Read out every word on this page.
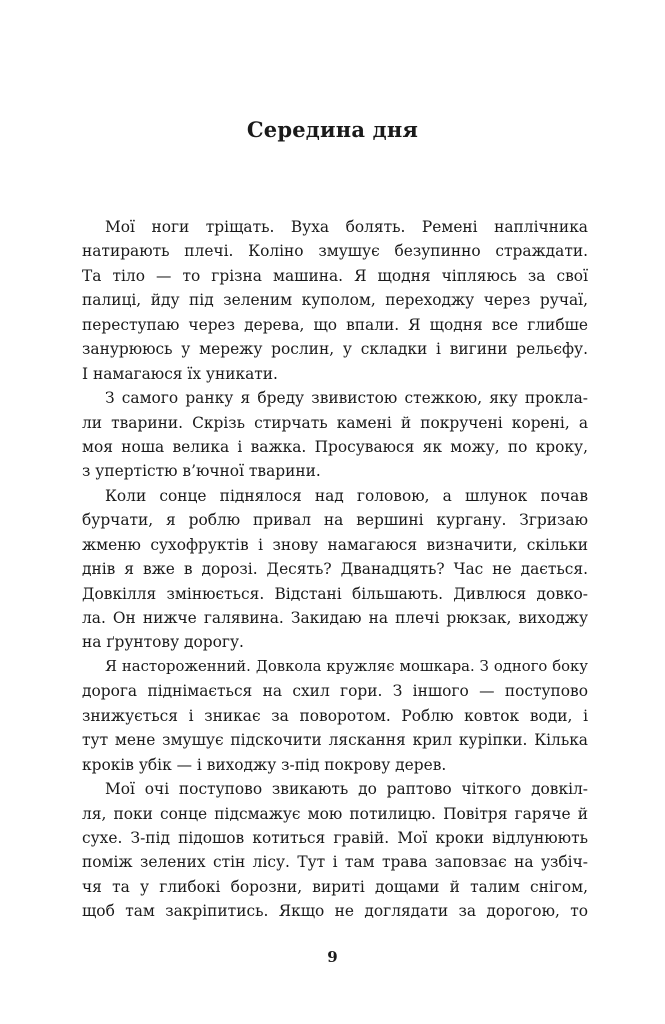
Середина дня
Мої ноги тріщать. Вуха болять. Ремені наплічника
натирають плечі. Коліно змушує безупинно страждати.
Та тіло — то грізна машина. Я щодня чіпляюсь за свої
палиці, йду під зеленим куполом, переходжу через ручаї,
переступаю через дерева, що впали. Я щодня все глибше
занурююсь у мережу рослин, у складки і вигини рельєфу.
І намагаюся їх уникати.
З самого ранку я бреду звивистою стежкою, яку прокла-
ли тварини. Скрізь стирчать камені й покручені корені, а
моя ноша велика і важка. Просуваюся як можу, по кроку,
з упертістю в’ючної тварини.
Коли сонце піднялося над головою, а шлунок почав
бурчати, я роблю привал на вершині кургану. Згризаю
жменю сухофруктів і знову намагаюся визначити, скільки
днів я вже в дорозі. Десять? Дванадцять? Час не дається.
Довкілля змінюється. Відстані більшають. Дивлюся довко-
ла. Он нижче галявина. Закидаю на плечі рюкзак, виходжу
на ґрунтову дорогу.
Я настороженний. Довкола кружляє мошкара. З одного боку
дорога піднімається на схил гори. З іншого — поступово
знижується і зникає за поворотом. Роблю ковток води, і
тут мене змушує підскочити ляскання крил куріпки. Кілька
кроків убік — і виходжу з-під покрову дерев.
Мої очі поступово звикають до раптово чіткого довкіл-
ля, поки сонце підсмажує мою потилицю. Повітря гаряче й
сухе. З-під підошов котиться гравій. Мої кроки відлунюють
поміж зелених стін лісу. Тут і там трава заповзає на узбіч-
чя та у глибокі борозни, вириті дощами й талим снігом,
щоб там закріпитись. Якщо не доглядати за дорогою, то
9
